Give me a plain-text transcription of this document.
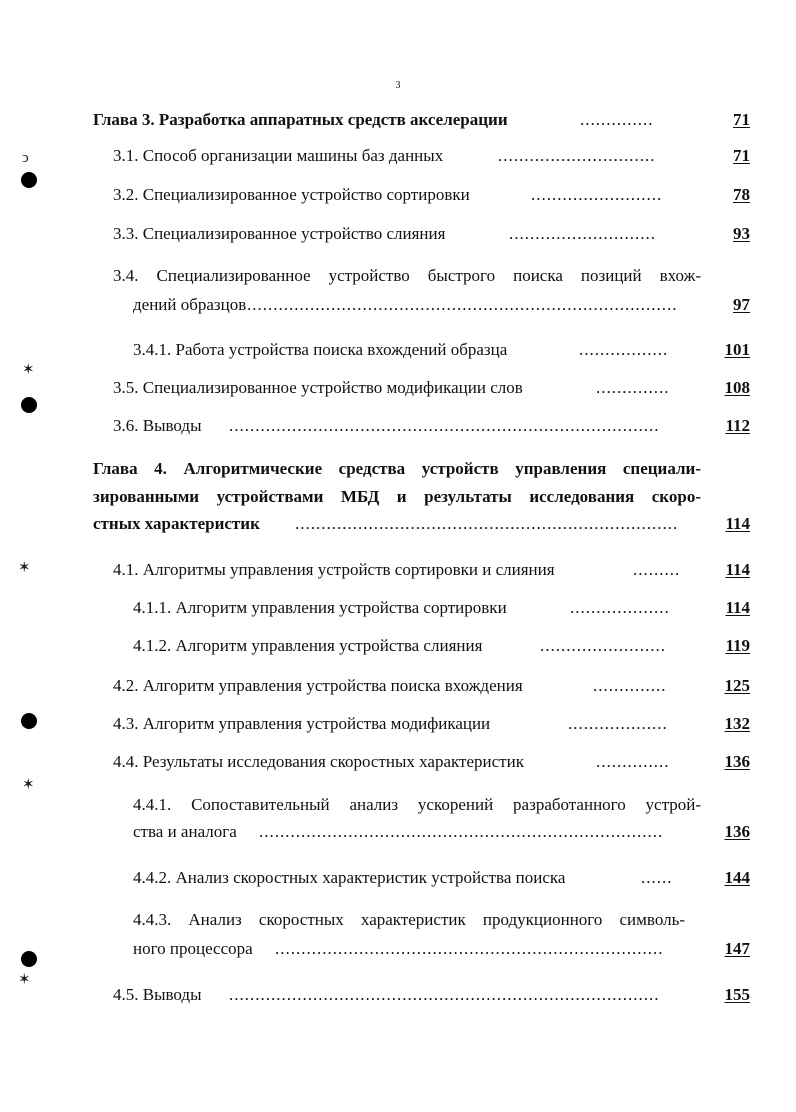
3
Глава 3. Разработка аппаратных средств акселерации	..............	71
3.1. Способ организации машины баз данных	..............................	71
3.2. Специализированное устройство сортировки	.........................	78
3.3. Специализированное устройство слияния	............................	93
3.4. Специализированное устройство быстрого поиска позиций вхож-
дений образцов ..................................................................................	97
3.4.1. Работа устройства поиска вхождений образца	.................	101
3.5. Специализированное устройство модификации слов	..............	108
3.6. Выводы ..................................................................................	112
Глава 4. Алгоритмические средства устройств управления специали-
зированными устройствами МБД и результаты исследования скоро-
стных характеристик .........................................................................	114
4.1. Алгоритмы управления устройств сортировки и слияния	.........	114
4.1.1. Алгоритм управления устройства сортировки	...................	114
4.1.2. Алгоритм управления устройства слияния	........................	119
4.2. Алгоритм управления устройства поиска вхождения	..............	125
4.3. Алгоритм управления устройства модификации	...................	132
4.4. Результаты исследования скоростных характеристик	..............	136
4.4.1. Сопоставительный анализ ускорений разработанного устрой-
ства и аналога .............................................................................	136
4.4.2. Анализ скоростных характеристик устройства поиска	......	144
4.4.3. Анализ скоростных характеристик продукционного символь-
ного процессора ..........................................................................	147
4.5. Выводы ..................................................................................	155
ↄ
✶
✶
✶
✶
